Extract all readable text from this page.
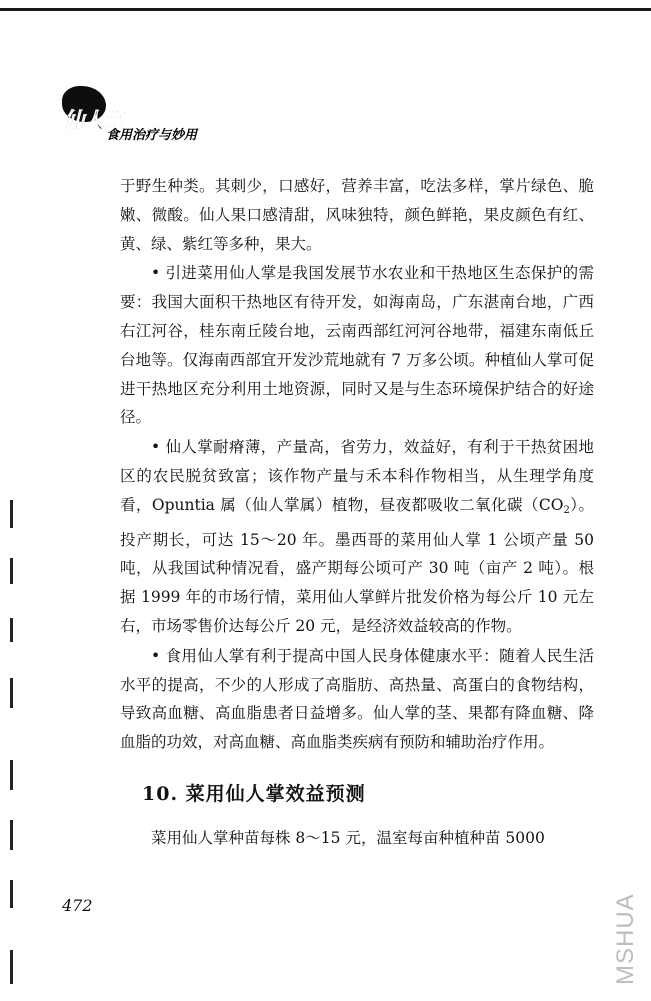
仙人掌
食用治疗与妙用

于野生种类。其刺少，口感好，营养丰富，吃法多样，掌片绿色、脆嫩、微酸。仙人果口感清甜，风味独特，颜色鲜艳，果皮颜色有红、黄、绿、紫红等多种，果大。

• 引进菜用仙人掌是我国发展节水农业和干热地区生态保护的需要：我国大面积干热地区有待开发，如海南岛，广东湛南台地，广西右江河谷，桂东南丘陵台地，云南西部红河河谷地带，福建东南低丘台地等。仅海南西部宜开发沙荒地就有 7 万多公顷。种植仙人掌可促进干热地区充分利用土地资源，同时又是与生态环境保护结合的好途径。

• 仙人掌耐瘠薄，产量高，省劳力，效益好，有利于干热贫困地区的农民脱贫致富；该作物产量与禾本科作物相当，从生理学角度看，Opuntia 属（仙人掌属）植物，昼夜都吸收二氧化碳$(CO_2)$。投产期长，可达 15～20 年。墨西哥的菜用仙人掌 1 公顷产量 50 吨，从我国试种情况看，盛产期每公顷可产 30 吨（亩产 2 吨）。根据 1999 年的市场行情，菜用仙人掌鲜片批发价格为每公斤 10 元左右，市场零售价达每公斤 20 元，是经济效益较高的作物。

• 食用仙人掌有利于提高中国人民身体健康水平：随着人民生活水平的提高，不少的人形成了高脂肪、高热量、高蛋白的食物结构，导致高血糖、高血脂患者日益增多。仙人掌的茎、果都有降血糖、降血脂的功效，对高血糖、高血脂类疾病有预防和辅助治疗作用。

10. 菜用仙人掌效益预测

菜用仙人掌种苗每株 8～15 元，温室每亩种植种苗 5000

472	MSHUA
